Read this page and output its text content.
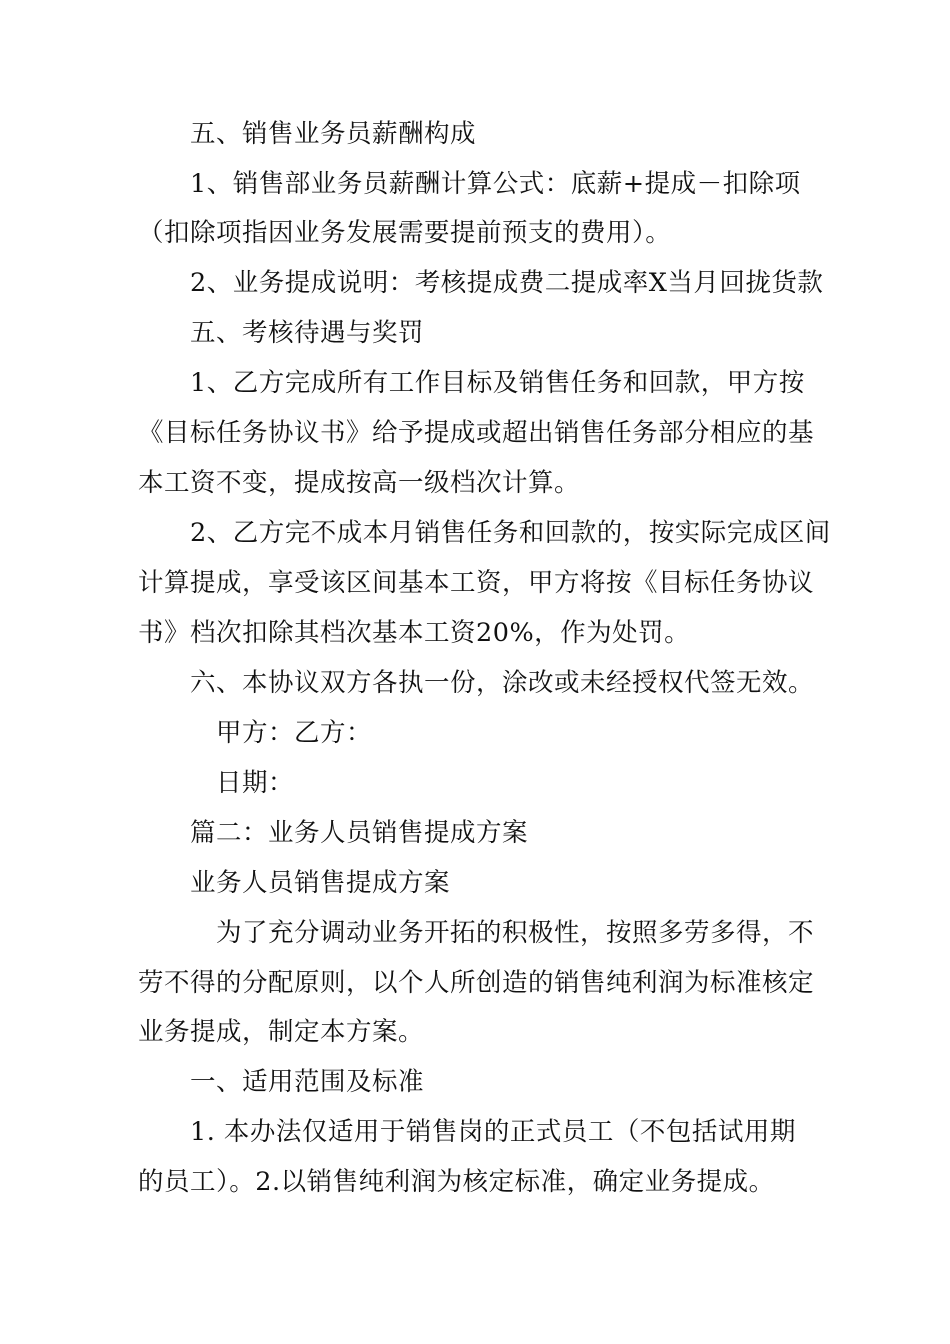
五、销售业务员薪酬构成
1、销售部业务员薪酬计算公式：底薪+提成－扣除项
（扣除项指因业务发展需要提前预支的费用）。
2、业务提成说明：考核提成费二提成率X当月回拢货款
五、考核待遇与奖罚
1、乙方完成所有工作目标及销售任务和回款，甲方按
《目标任务协议书》给予提成或超出销售任务部分相应的基
本工资不变，提成按高一级档次计算。
2、乙方完不成本月销售任务和回款的，按实际完成区间
计算提成，享受该区间基本工资，甲方将按《目标任务协议
书》档次扣除其档次基本工资20%，作为处罚。
六、本协议双方各执一份，涂改或未经授权代签无效。
甲方：乙方：
日期：
篇二：业务人员销售提成方案
业务人员销售提成方案
为了充分调动业务开拓的积极性，按照多劳多得，不
劳不得的分配原则，以个人所创造的销售纯利润为标准核定
业务提成，制定本方案。
一、适用范围及标准
1. 本办法仅适用于销售岗的正式员工（不包括试用期
的员工）。2.以销售纯利润为核定标准，确定业务提成。
